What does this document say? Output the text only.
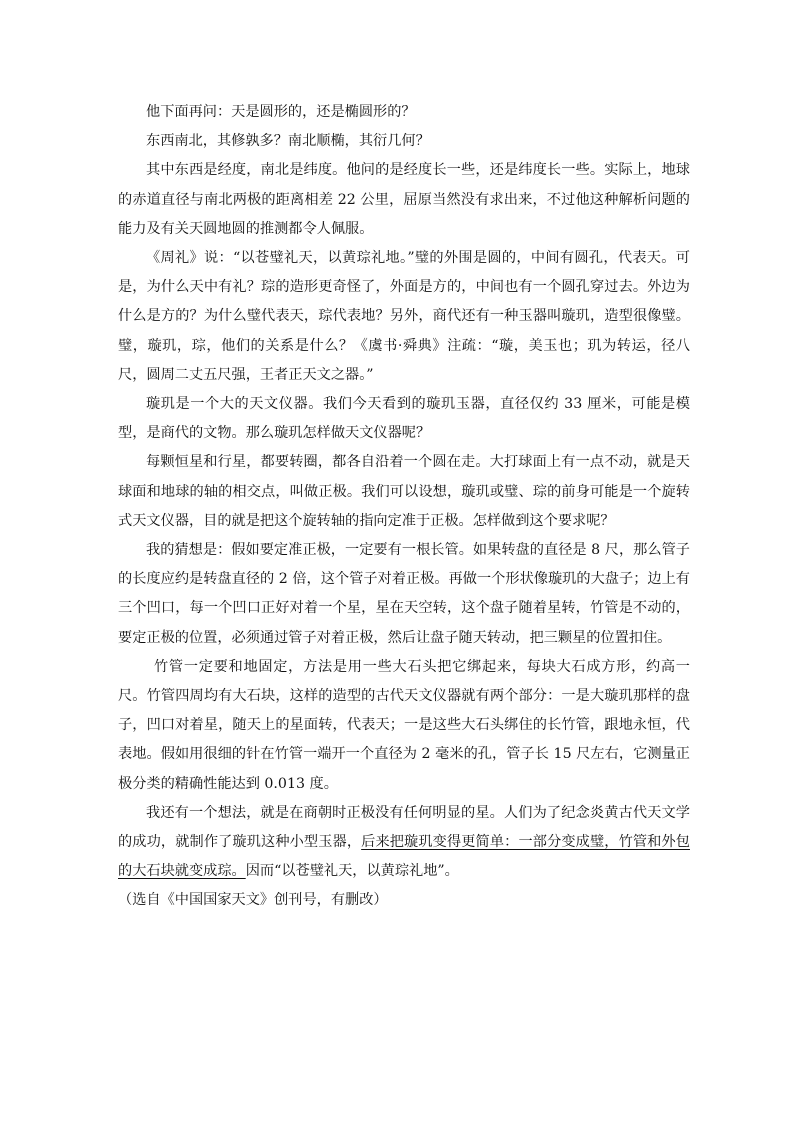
他下面再问：天是圆形的，还是椭圆形的？

东西南北，其修孰多？南北顺椭，其衍几何？

其中东西是经度，南北是纬度。他问的是经度长一些，还是纬度长一些。实际上，地球的赤道直径与南北两极的距离相差 22 公里，屈原当然没有求出来，不过他这种解析问题的能力及有关天圆地圆的推测都令人佩服。

《周礼》说：“以苍璧礼天，以黄琮礼地。”璧的外围是圆的，中间有圆孔，代表天。可是，为什么天中有礼？琮的造形更奇怪了，外面是方的，中间也有一个圆孔穿过去。外边为什么是方的？为什么璧代表天，琮代表地？另外，商代还有一种玉器叫璇玑，造型很像璧。璧，璇玑，琮，他们的关系是什么？《虞书·舜典》注疏：“璇，美玉也；玑为转运，径八尺，圆周二丈五尺强，王者正天文之器。”

璇玑是一个大的天文仪器。我们今天看到的璇玑玉器，直径仅约 33 厘米，可能是模型，是商代的文物。那么璇玑怎样做天文仪器呢？

每颗恒星和行星，都要转圈，都各自沿着一个圆在走。大打球面上有一点不动，就是天球面和地球的轴的相交点，叫做正极。我们可以设想，璇玑或璧、琮的前身可能是一个旋转式天文仪器，目的就是把这个旋转轴的指向定准于正极。怎样做到这个要求呢？

我的猜想是：假如要定准正极，一定要有一根长管。如果转盘的直径是 8 尺，那么管子的长度应约是转盘直径的 2 倍，这个管子对着正极。再做一个形状像璇玑的大盘子；边上有三个凹口，每一个凹口正好对着一个星，星在天空转，这个盘子随着星转，竹管是不动的，要定正极的位置，必须通过管子对着正极，然后让盘子随天转动，把三颗星的位置扣住。

竹管一定要和地固定，方法是用一些大石头把它绑起来，每块大石成方形，约高一尺。竹管四周均有大石块，这样的造型的古代天文仪器就有两个部分：一是大璇玑那样的盘子，凹口对着星，随天上的星面转，代表天；一是这些大石头绑住的长竹管，跟地永恒，代表地。假如用很细的针在竹管一端开一个直径为 2 毫米的孔，管子长 15 尺左右，它测量正极分类的精确性能达到 0.013 度。

我还有一个想法，就是在商朝时正极没有任何明显的星。人们为了纪念炎黄古代天文学的成功，就制作了璇玑这种小型玉器，后来把璇玑变得更简单：一部分变成璧，竹管和外包的大石块就变成琮。因而“以苍璧礼天，以黄琮礼地”。

（选自《中国国家天文》创刊号，有删改）
